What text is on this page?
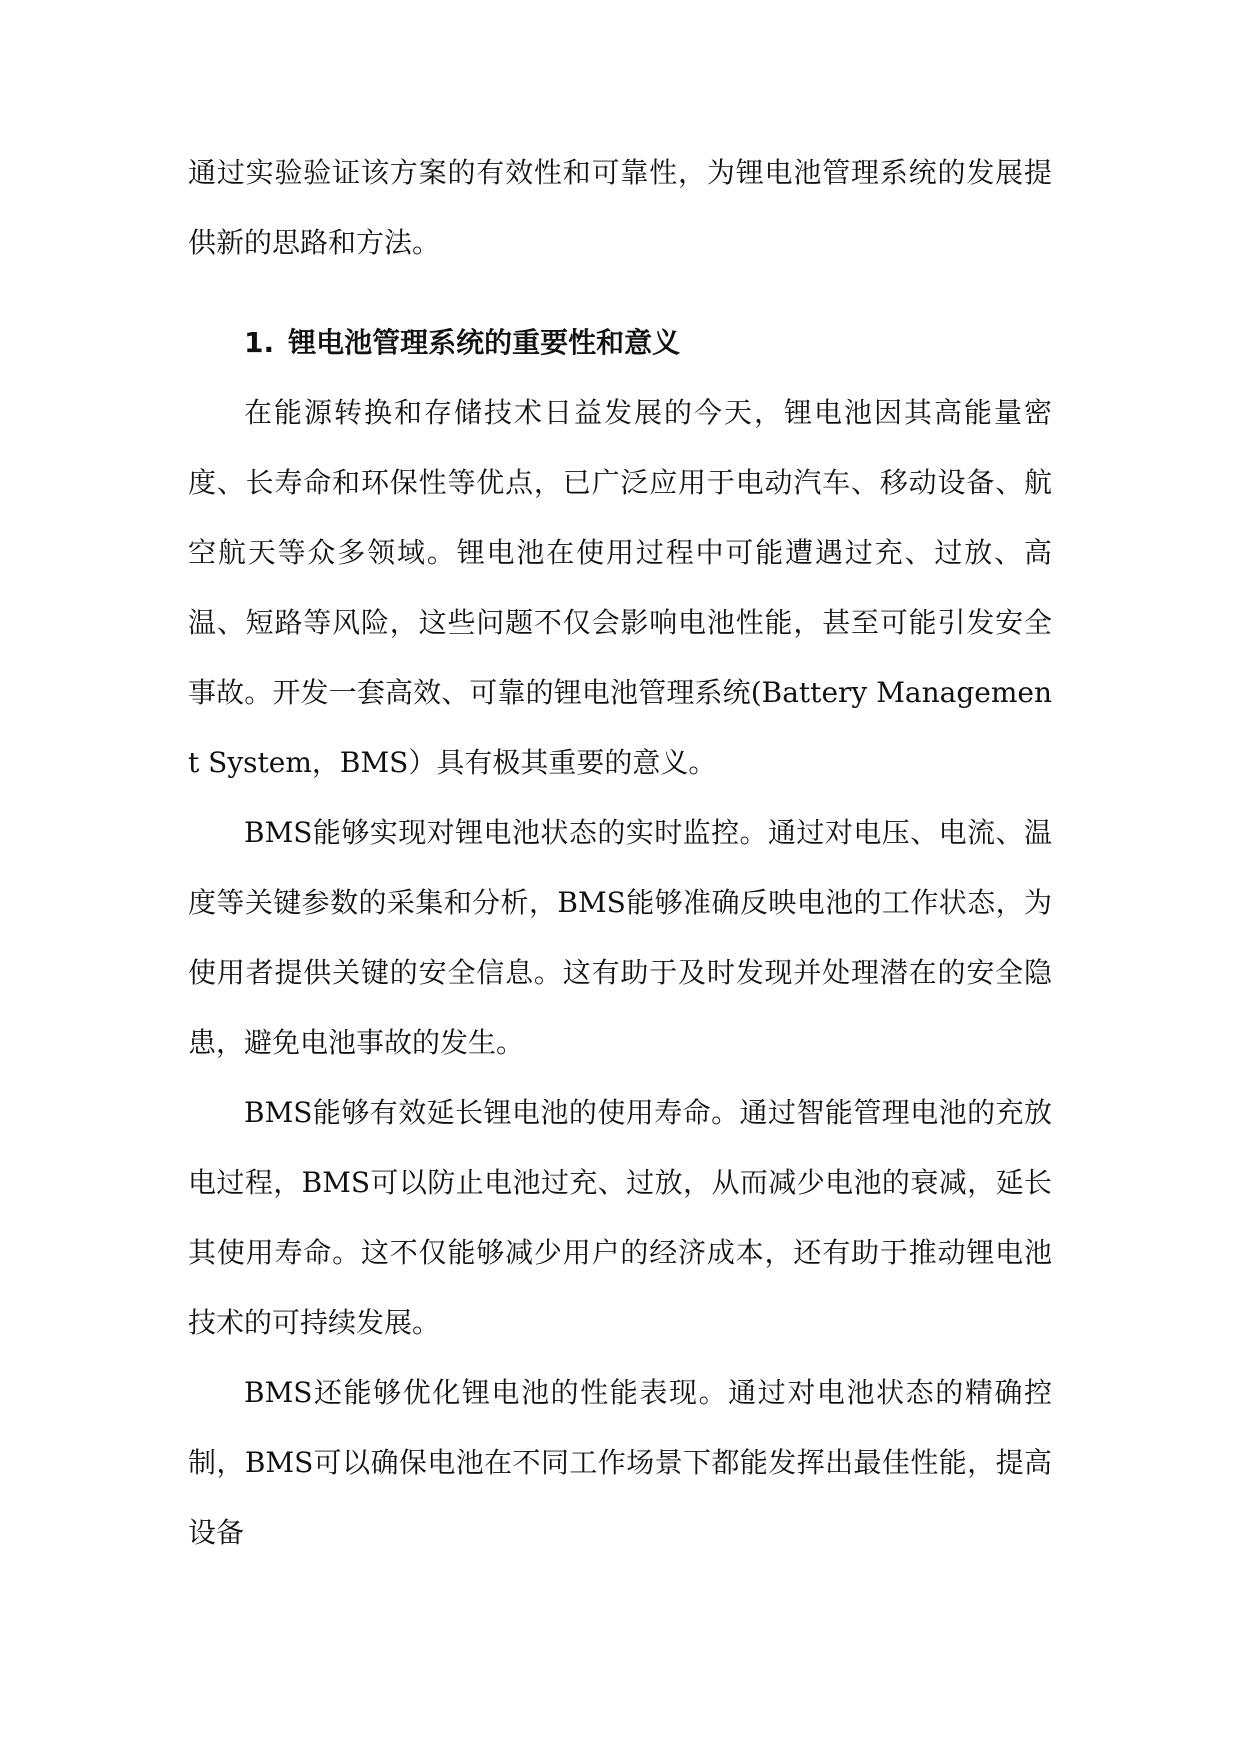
通过实验验证该方案的有效性和可靠性，为锂电池管理系统的发展提供新的思路和方法。

1. 锂电池管理系统的重要性和意义

在能源转换和存储技术日益发展的今天，锂电池因其高能量密度、长寿命和环保性等优点，已广泛应用于电动汽车、移动设备、航空航天等众多领域。锂电池在使用过程中可能遭遇过充、过放、高温、短路等风险，这些问题不仅会影响电池性能，甚至可能引发安全事故。开发一套高效、可靠的锂电池管理系统(Battery Management System，BMS）具有极其重要的意义。

BMS能够实现对锂电池状态的实时监控。通过对电压、电流、温度等关键参数的采集和分析，BMS能够准确反映电池的工作状态，为使用者提供关键的安全信息。这有助于及时发现并处理潜在的安全隐患，避免电池事故的发生。

BMS能够有效延长锂电池的使用寿命。通过智能管理电池的充放电过程，BMS可以防止电池过充、过放，从而减少电池的衰减，延长其使用寿命。这不仅能够减少用户的经济成本，还有助于推动锂电池技术的可持续发展。

BMS还能够优化锂电池的性能表现。通过对电池状态的精确控制，BMS可以确保电池在不同工作场景下都能发挥出最佳性能，提高设备
